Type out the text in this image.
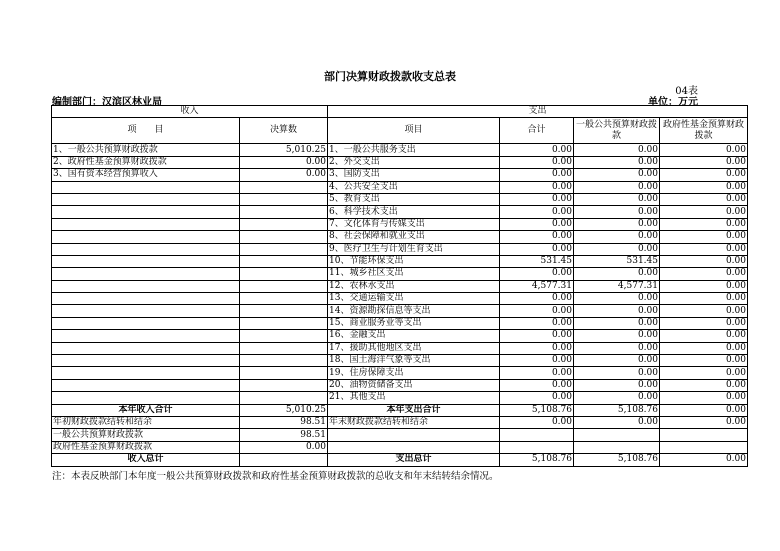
部门决算财政拨款收支总表
04表
编制部门：汉滨区林业局	单位：万元
收入		支出			
项　　目	决算数	项目	合计	一般公共预算财政拨款	政府性基金预算财政拨款
1、一般公共预算财政拨款	5,010.25	1、一般公共服务支出	0.00	0.00	0.00
2、政府性基金预算财政拨款	0.00	2、外交支出	0.00	0.00	0.00
3、国有资本经营预算收入	0.00	3、国防支出	0.00	0.00	0.00
		4、公共安全支出	0.00	0.00	0.00
		5、教育支出	0.00	0.00	0.00
		6、科学技术支出	0.00	0.00	0.00
		7、文化体育与传媒支出	0.00	0.00	0.00
		8、社会保障和就业支出	0.00	0.00	0.00
		9、医疗卫生与计划生育支出	0.00	0.00	0.00
		10、节能环保支出	531.45	531.45	0.00
		11、城乡社区支出	0.00	0.00	0.00
		12、农林水支出	4,577.31	4,577.31	0.00
		13、交通运输支出	0.00	0.00	0.00
		14、资源勘探信息等支出	0.00	0.00	0.00
		15、商业服务业等支出	0.00	0.00	0.00
		16、金融支出	0.00	0.00	0.00
		17、援助其他地区支出	0.00	0.00	0.00
		18、国土海洋气象等支出	0.00	0.00	0.00
		19、住房保障支出	0.00	0.00	0.00
		20、油物资储备支出	0.00	0.00	0.00
		21、其他支出	0.00	0.00	0.00
本年收入合计	5,010.25	本年支出合计	5,108.76	5,108.76	0.00
年初财政拨款结转和结余	98.51	年末财政拨款结转和结余	0.00	0.00	0.00
一般公共预算财政拨款	98.51				
政府性基金预算财政拨款	0.00				
收入总计		支出总计	5,108.76	5,108.76	0.00
注：本表反映部门本年度一般公共预算财政拨款和政府性基金预算财政拨款的总收支和年末结转结余情况。
